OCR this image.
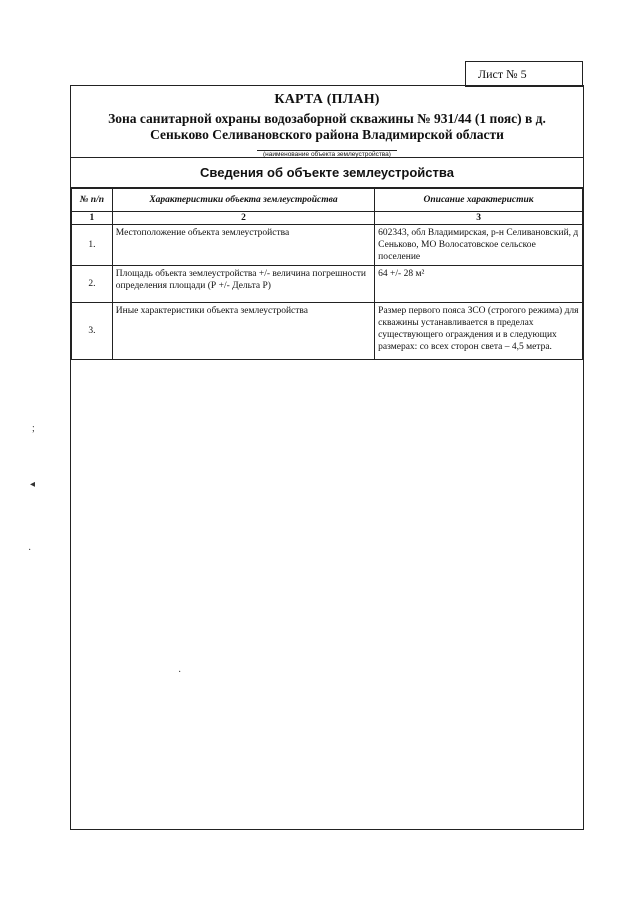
Лист № 5
КАРТА (ПЛАН)
Зона санитарной охраны водозаборной скважины № 931/44 (1 пояс) в д. Сеньково Селивановского района Владимирской области
(наименование объекта землеустройства)
Сведения об объекте землеустройства
№ п/п	Характеристики объекта землеустройства	Описание характеристик
1	2	3
1.	Местоположение объекта землеустройства	602343, обл Владимирская, р-н Селивановский, д Сеньково, МО Волосатовское сельское поселение
2.	Площадь объекта землеустройства +/- величина погрешности определения площади (Р +/- Дельта Р)	64 +/- 28 м²
3.	Иные характеристики объекта землеустройства	Размер первого пояса ЗСО (строгого режима) для скважины устанавливается в пределах существующего ограждения и в следующих размерах: со всех сторон света – 4,5 метра.
;
◂
·
·
